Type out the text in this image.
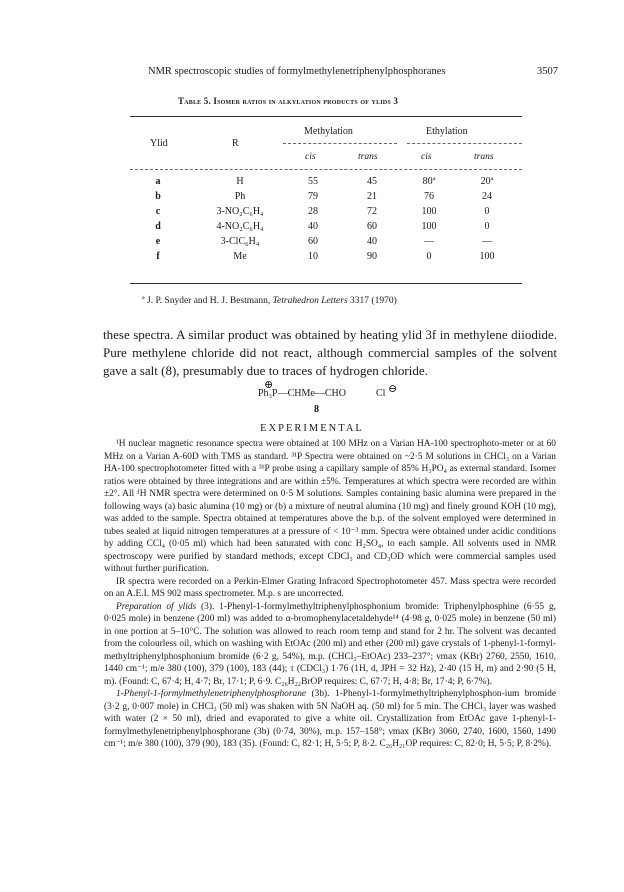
NMR spectroscopic studies of formylmethylenetriphenylphosphoranes	3507
Table 5. Isomer ratios in alkylation products of ylids 3
Methylation	Ethylation
Ylid	R
cis	trans	cis	trans
a	H	55	45	80ª	20ª
b	Ph	79	21	76	24
c	3-NO₂C₆H₄	28	72	100	0
d	4-NO₂C₆H₄	40	60	100	0
e	3-ClC₆H₄	60	40	—	—
f	Me	10	90	0	100
ª J. P. Snyder and H. J. Bestmann, Tetrahedron Letters 3317 (1970)
these spectra. A similar product was obtained by heating ylid 3f in methylene diiodide. Pure methylene chloride did not react, although commercial samples of the solvent gave a salt (8), presumably due to traces of hydrogen chloride.
⊕
Ph₃P—CHMe—CHO	Cl ⊖
8
EXPERIMENTAL

¹H nuclear magnetic resonance spectra were obtained at 100 MHz on a Varian HA-100 spectrophoto-meter or at 60 MHz on a Varian A-60D with TMS as standard. ³¹P Spectra were obtained on ~2·5 M solutions in CHCl₃ on a Varian HA-100 spectrophotometer fitted with a ³¹P probe using a capillary sample of 85% H₃PO₄ as external standard. Isomer ratios were obtained by three integrations and are within ±5%. Temperatures at which spectra were recorded are within ±2°. All ¹H NMR spectra were determined on 0·5 M solutions. Samples containing basic alumina were prepared in the following ways (a) basic alumina (10 mg) or (b) a mixture of neutral alumina (10 mg) and finely ground KOH (10 mg), was added to the sample. Spectra obtained at temperatures above the b.p. of the solvent employed were determined in tubes sealed at liquid nitrogen temperatures at a pressure of < 10⁻³ mm. Spectra were obtained under acidic conditions by adding CCl₄ (0·05 ml) which had been saturated with conc H₂SO₄, to each sample. All solvents used in NMR spectroscopy were purified by standard methods, except CDCl₃ and CD₃OD which were commercial samples used without further purification.

IR spectra were recorded on a Perkin-Elmer Grating Infracord Spectrophotometer 457. Mass spectra were recorded on an A.E.I. MS 902 mass spectrometer. M.p. s are uncorrected.

Preparation of ylids (3). 1-Phenyl-1-formylmethyltriphenylphosphonium bromide: Triphenylphosphine (6·55 g, 0·025 mole) in benzene (200 ml) was added to α-bromophenylacetaldehyde¹⁴ (4·98 g, 0·025 mole) in benzene (50 ml) in one portion at 5–10°C. The solution was allowed to reach room temp and stand for 2 hr. The solvent was decanted from the colourless oil, which on washing with EtOAc (200 ml) and ether (200 ml) gave crystals of 1-phenyl-1-formyl-methyltriphenylphosphonium bromide (6·2 g, 54%), m.p. (CHCl₃–EtOAc) 233–237°; νmax (KBr) 2760, 2550, 1610, 1440 cm⁻¹; m/e 380 (100), 379 (100), 183 (44); τ (CDCl₃) 1·76 (1H, d, JPH = 32 Hz), 2·40 (15 H, m) and 2·90 (5 H, m). (Found: C, 67·4; H, 4·7; Br, 17·1; P, 6·9. C₂₆H₂₂BrOP requires: C, 67·7; H, 4·8; Br, 17·4; P, 6·7%).

1-Phenyl-1-formylmethylenetriphenylphosphorane (3b). 1-Phenyl-1-formylmethyltriphenylphosphon-ium bromide (3·2 g, 0·007 mole) in CHCl₃ (50 ml) was shaken with 5N NaOH aq. (50 ml) for 5 min. The CHCl₃ layer was washed with water (2 × 50 ml), dried and evaporated to give a white oil. Crystallization from EtOAc gave 1-phenyl-1-formylmethylenetriphenylphosphorane (3b) (0·74, 30%), m.p. 157–158°; νmax (KBr) 3060, 2740, 1600, 1560, 1490 cm⁻¹; m/e 380 (100), 379 (90), 183 (35). (Found: C, 82·1; H, 5·5; P, 8·2. C₂₆H₂₁OP requires: C, 82·0; H, 5·5; P, 8·2%).
